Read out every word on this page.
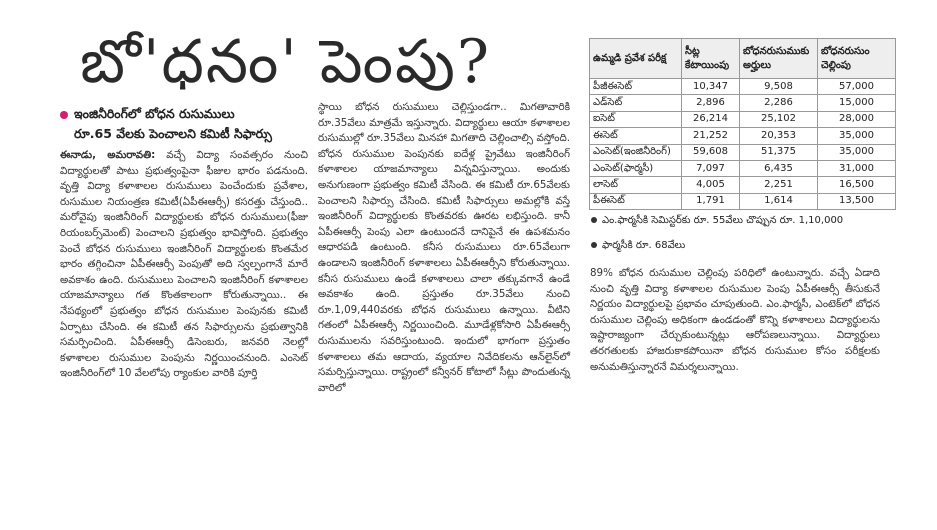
బో'ధనం' పెంపు?
ఇంజినీరింగ్‌లో బోధన రుసుములు
రూ.65 వేలకు పెంచాలని కమిటీ సిఫార్సు

ఈనాడు, అమరావతి: వచ్చే విద్యా సంవత్సరం నుంచి విద్యార్థులతో పాటు ప్రభుత్వంపైనా ఫీజుల భారం పడనుంది. వృత్తి విద్యా కళాశాలల రుసుములు పెంచేందుకు ప్రవేశాల, రుసుముల నియంత్రణ కమిటీ(ఏపీఈఆర్సీ) కసరత్తు చేస్తుంది.. మరోవైపు ఇంజినీరింగ్ విద్యార్థులకు బోధన రుసుములు(ఫీజు రియంబర్స్‌మెంట్) పెంచాలని ప్రభుత్వం భావిస్తోంది. ప్రభుత్వం పెంచే బోధన రుసుములు ఇంజినీరింగ్ విద్యార్థులకు కొంతమేర భారం తగ్గించినా ఏపీఈఆర్సీ పెంపుతో అది స్వల్పంగానే మారే అవకాశం ఉంది. రుసుములు పెంచాలని ఇంజినీరింగ్ కళాశాలల యాజమాన్యాలు గత కొంతకాలంగా కోరుతున్నాయి.. ఈ నేపథ్యంలో ప్రభుత్వం బోధన రుసుముల పెంపునకు కమిటీ ఏర్పాటు చేసింది. ఈ కమిటీ తన సిఫార్సులను ప్రభుత్వానికి సమర్పించింది. ఏపీఈఆర్సీ డిసెంబరు, జనవరి నెలల్లో కళాశాలల రుసుముల పెంపును నిర్ణయించనుంది. ఎంసెట్ ఇంజినీరింగ్‌లో 10 వేలలోపు ర్యాంకుల వారికి పూర్తి

స్థాయి బోధన రుసుములు చెల్లిస్తుండగా.. మిగతావారికి రూ.35వేలు మాత్రమే ఇస్తున్నారు. విద్యార్థులు ఆయా కళాశాలల రుసుముల్లో రూ.35వేలు మినహా మిగతాది చెల్లించాల్సి వస్తోంది. బోధన రుసుముల పెంపునకు ఐదేళ్ల ప్రైవేటు ఇంజినీరింగ్ కళాశాలల యాజమాన్యాలు విన్నవిస్తున్నాయి. అందుకు అనుగుణంగా ప్రభుత్వం కమిటీ వేసింది. ఈ కమిటీ రూ.65వేలకు పెంచాలని సిఫార్సు చేసింది. కమిటీ సిఫార్సులు అమల్లోకి వస్తే ఇంజినీరింగ్ విద్యార్థులకు కొంతవరకు ఊరట లభిస్తుంది. కానీ ఏపీఈఆర్సీ పెంపు ఎలా ఉంటుందనే దానిపైనే ఈ ఉపశమనం ఆధారపడి ఉంటుంది. కనీస రుసుములు రూ.65వేలుగా ఉండాలని ఇంజినీరింగ్ కళాశాలలు ఏపీఈఆర్సీని కోరుతున్నాయి. కనీస రుసుములు ఉండే కళాశాలలు చాలా తక్కువగానే ఉండే అవకాశం ఉంది. ప్రస్తుతం రూ.35వేలు నుంచి రూ.1,09,440వరకు బోధన రుసుములు ఉన్నాయి. వీటిని గతంలో ఏపీఈఆర్సీ నిర్ణయించింది. మూడేళ్లకోసారి ఏపీఈఆర్సీ రుసుములను సవరిస్తుంటుంది. ఇందులో భాగంగా ప్రస్తుతం కళాశాలలు తమ ఆదాయ, వ్యయాల నివేదికలను ఆన్‌లైన్‌లో సమర్పిస్తున్నాయి. రాష్ట్రంలో కన్వీనర్ కోటాలో సీట్లు పొందుతున్న వారిలో

ఉమ్మడి ప్రవేశ పరీక్ష	సీట్ల కేటాయింపు	బోధనరుసుముకు అర్హులు	బోధనరుసుం చెల్లింపు
పీజీఈసెట్	10,347	9,508	57,000
ఎడ్‌సెట్	2,896	2,286	15,000
ఐసెట్	26,214	25,102	28,000
ఈసెట్	21,252	20,353	35,000
ఎంసెట్(ఇంజినీరింగ్)	59,608	51,375	35,000
ఎంసెట్(ఫార్మసీ)	7,097	6,435	31,000
లాసెట్	4,005	2,251	16,500
పీఈసెట్	1,791	1,614	13,500
ఎం.ఫార్మసీకి సెమిస్టర్‌కు రూ. 55వేలు చొప్పున రూ. 1,10,000
ఫార్మసీకి రూ. 68వేలు

89% బోధన రుసుముల చెల్లింపు పరిధిలో ఉంటున్నారు. వచ్చే ఏడాది నుంచి వృత్తి విద్యా కళాశాలల రుసుముల పెంపు ఏపీఈఆర్సీ తీసుకునే నిర్ణయం విద్యార్థులపై ప్రభావం చూపుతుంది. ఎం.ఫార్మసీ, ఎంటెక్‌లో బోధన రుసుముల చెల్లింపు అధికంగా ఉండడంతో కొన్ని కళాశాలలు విద్యార్థులను ఇష్టారాజ్యంగా చేర్చుకుంటున్నట్లు ఆరోపణలున్నాయి. విద్యార్థులు తరగతులకు హాజరుకాకపోయినా బోధన రుసుముల కోసం పరీక్షలకు అనుమతిస్తున్నారనే విమర్శలున్నాయి.
